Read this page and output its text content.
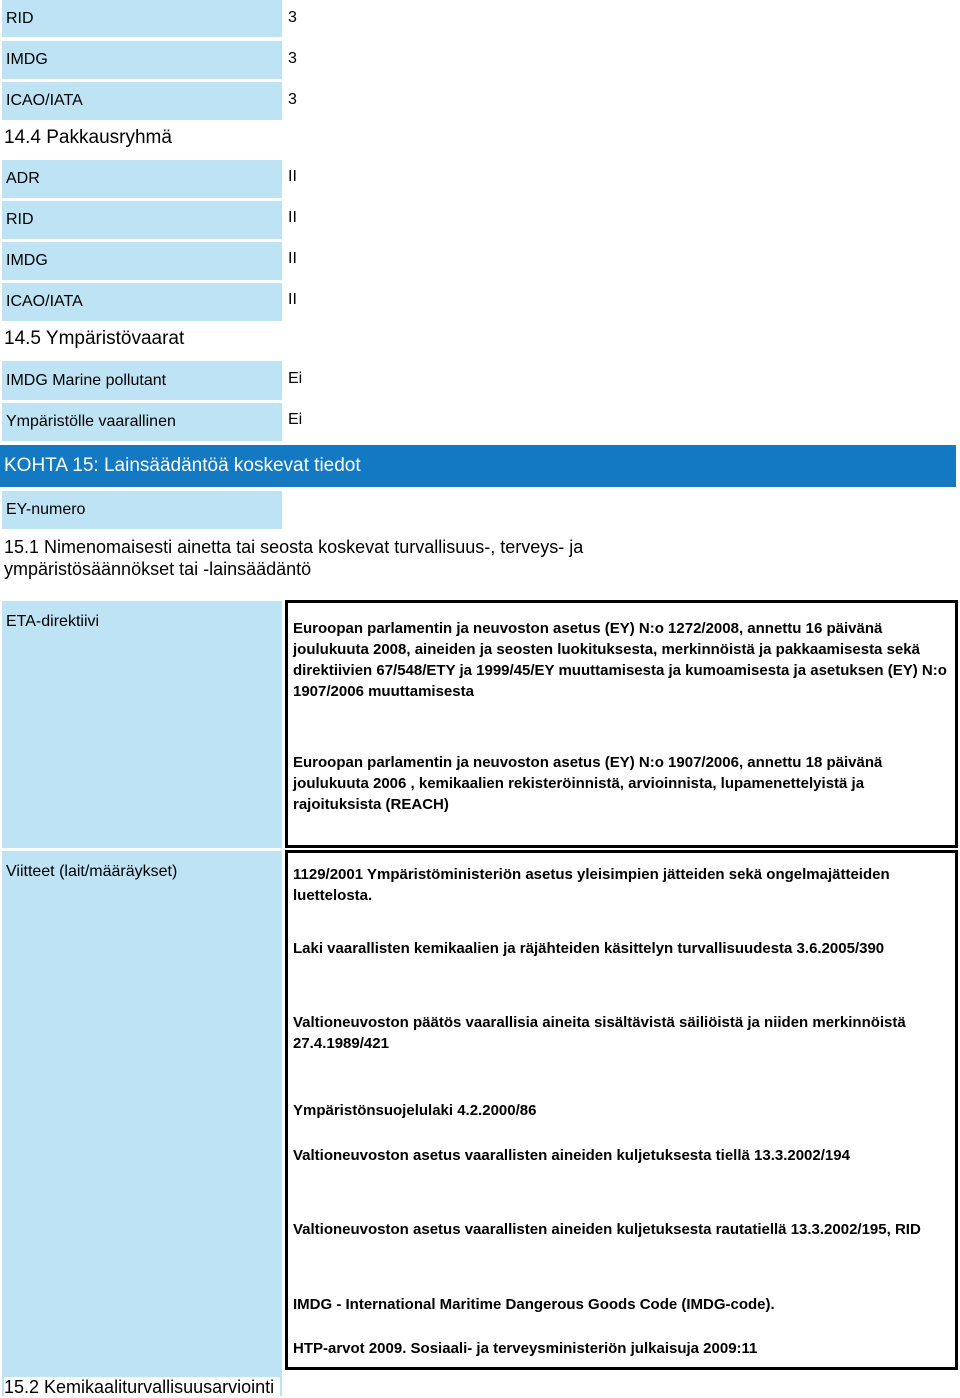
RID	3
IMDG	3
ICAO/IATA	3
14.4 Pakkausryhmä
ADR	II
RID	II
IMDG	II
ICAO/IATA	II
14.5 Ympäristövaarat
IMDG Marine pollutant	Ei
Ympäristölle vaarallinen	Ei
KOHTA 15: Lainsäädäntöä koskevat tiedot
EY-numero
15.1 Nimenomaisesti ainetta tai seosta koskevat turvallisuus-, terveys- ja
ympäristösäännökset tai -lainsäädäntö
ETA-direktiivi	Euroopan parlamentin ja neuvoston asetus (EY) N:o 1272/2008, annettu 16 päivänä joulukuuta 2008, aineiden ja seosten luokituksesta, merkinnöistä ja pakkaamisesta sekä direktiivien 67/548/ETY ja 1999/45/EY muuttamisesta ja kumoamisesta ja asetuksen (EY) N:o 1907/2006 muuttamisesta
Euroopan parlamentin ja neuvoston asetus (EY) N:o 1907/2006, annettu 18 päivänä joulukuuta 2006 , kemikaalien rekisteröinnistä, arvioinnista, lupamenettelyistä ja rajoituksista (REACH)
Viitteet (lait/määräykset)	1129/2001 Ympäristöministeriön asetus yleisimpien jätteiden sekä ongelmajätteiden luettelosta.
Laki vaarallisten kemikaalien ja räjähteiden käsittelyn turvallisuudesta 3.6.2005/390
Valtioneuvoston päätös vaarallisia aineita sisältävistä säiliöistä ja niiden merkinnöistä 27.4.1989/421
Ympäristönsuojelulaki 4.2.2000/86
Valtioneuvoston asetus vaarallisten aineiden kuljetuksesta tiellä 13.3.2002/194
Valtioneuvoston asetus vaarallisten aineiden kuljetuksesta rautatiellä 13.3.2002/195, RID
IMDG - International Maritime Dangerous Goods Code (IMDG-code).
HTP-arvot 2009. Sosiaali- ja terveysministeriön julkaisuja 2009:11
15.2 Kemikaaliturvallisuusarviointi
